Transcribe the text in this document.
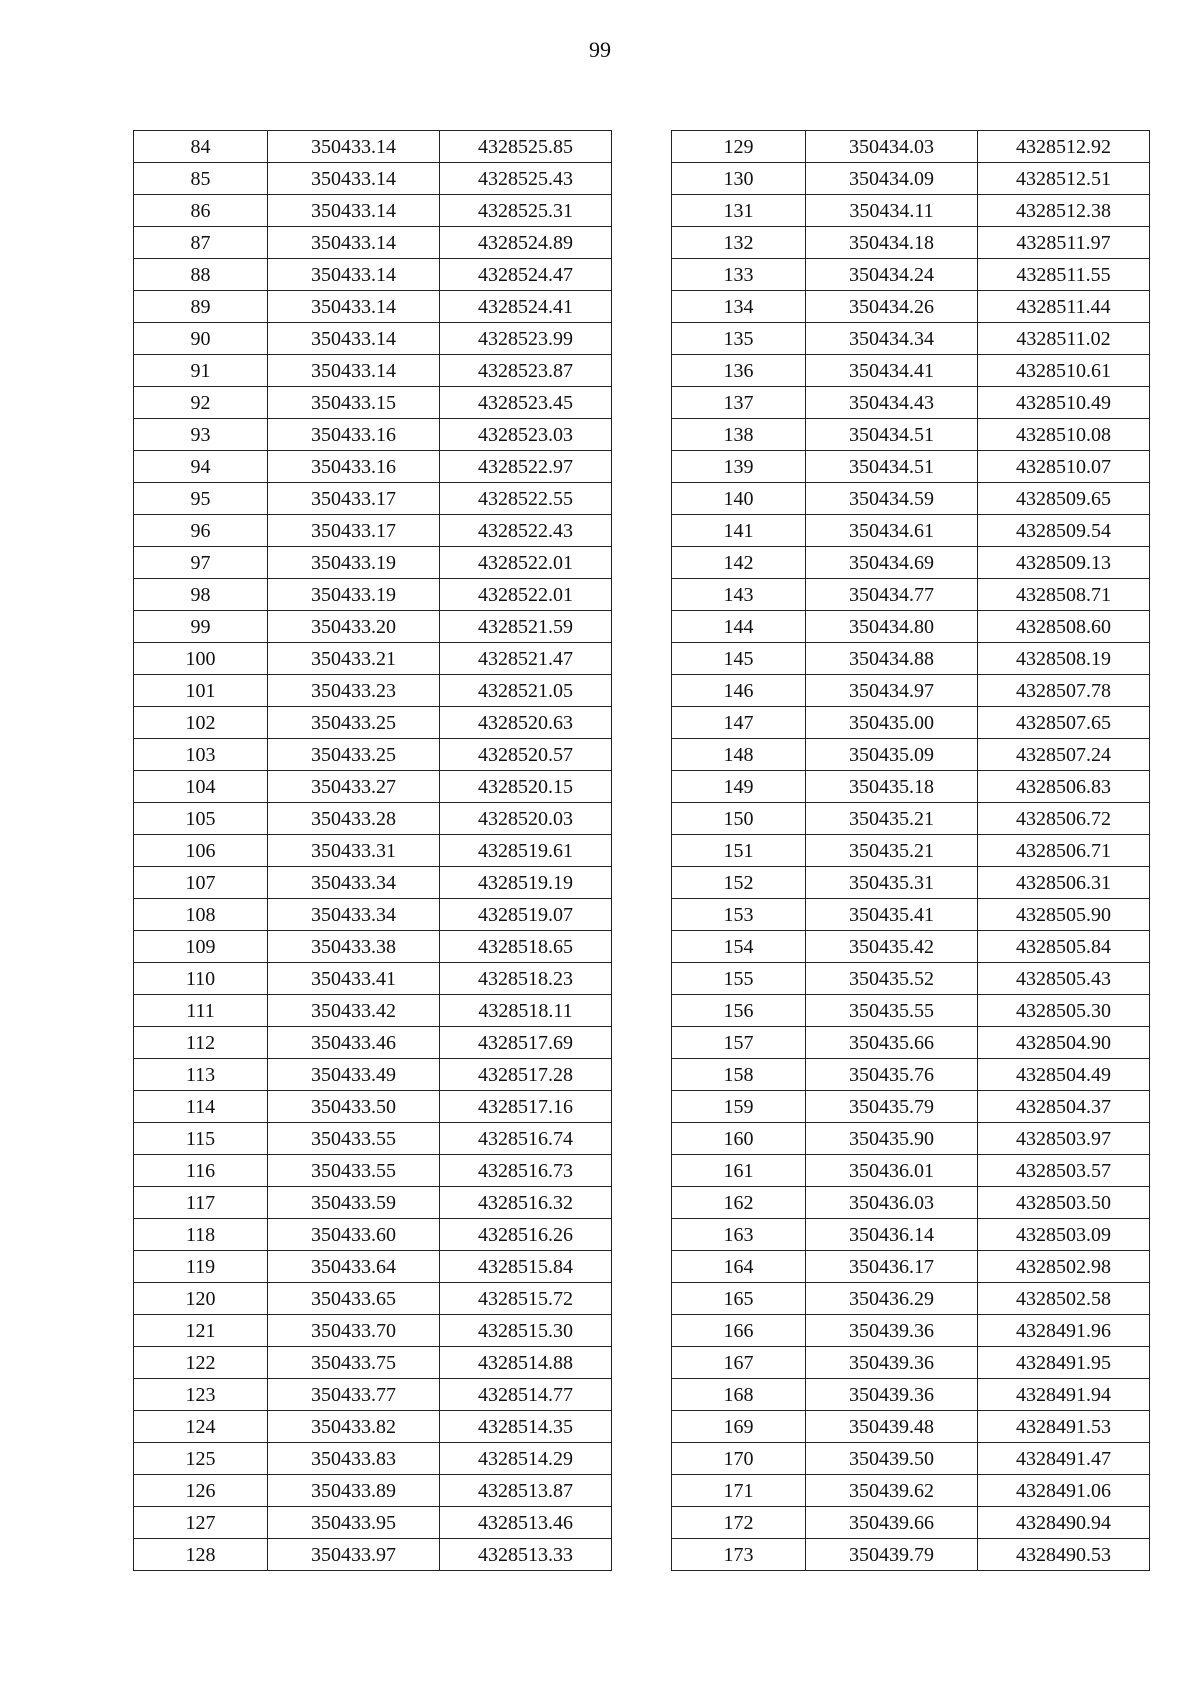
99
84	350433.14	4328525.85
85	350433.14	4328525.43
86	350433.14	4328525.31
87	350433.14	4328524.89
88	350433.14	4328524.47
89	350433.14	4328524.41
90	350433.14	4328523.99
91	350433.14	4328523.87
92	350433.15	4328523.45
93	350433.16	4328523.03
94	350433.16	4328522.97
95	350433.17	4328522.55
96	350433.17	4328522.43
97	350433.19	4328522.01
98	350433.19	4328522.01
99	350433.20	4328521.59
100	350433.21	4328521.47
101	350433.23	4328521.05
102	350433.25	4328520.63
103	350433.25	4328520.57
104	350433.27	4328520.15
105	350433.28	4328520.03
106	350433.31	4328519.61
107	350433.34	4328519.19
108	350433.34	4328519.07
109	350433.38	4328518.65
110	350433.41	4328518.23
111	350433.42	4328518.11
112	350433.46	4328517.69
113	350433.49	4328517.28
114	350433.50	4328517.16
115	350433.55	4328516.74
116	350433.55	4328516.73
117	350433.59	4328516.32
118	350433.60	4328516.26
119	350433.64	4328515.84
120	350433.65	4328515.72
121	350433.70	4328515.30
122	350433.75	4328514.88
123	350433.77	4328514.77
124	350433.82	4328514.35
125	350433.83	4328514.29
126	350433.89	4328513.87
127	350433.95	4328513.46
128	350433.97	4328513.33
129	350434.03	4328512.92
130	350434.09	4328512.51
131	350434.11	4328512.38
132	350434.18	4328511.97
133	350434.24	4328511.55
134	350434.26	4328511.44
135	350434.34	4328511.02
136	350434.41	4328510.61
137	350434.43	4328510.49
138	350434.51	4328510.08
139	350434.51	4328510.07
140	350434.59	4328509.65
141	350434.61	4328509.54
142	350434.69	4328509.13
143	350434.77	4328508.71
144	350434.80	4328508.60
145	350434.88	4328508.19
146	350434.97	4328507.78
147	350435.00	4328507.65
148	350435.09	4328507.24
149	350435.18	4328506.83
150	350435.21	4328506.72
151	350435.21	4328506.71
152	350435.31	4328506.31
153	350435.41	4328505.90
154	350435.42	4328505.84
155	350435.52	4328505.43
156	350435.55	4328505.30
157	350435.66	4328504.90
158	350435.76	4328504.49
159	350435.79	4328504.37
160	350435.90	4328503.97
161	350436.01	4328503.57
162	350436.03	4328503.50
163	350436.14	4328503.09
164	350436.17	4328502.98
165	350436.29	4328502.58
166	350439.36	4328491.96
167	350439.36	4328491.95
168	350439.36	4328491.94
169	350439.48	4328491.53
170	350439.50	4328491.47
171	350439.62	4328491.06
172	350439.66	4328490.94
173	350439.79	4328490.53
